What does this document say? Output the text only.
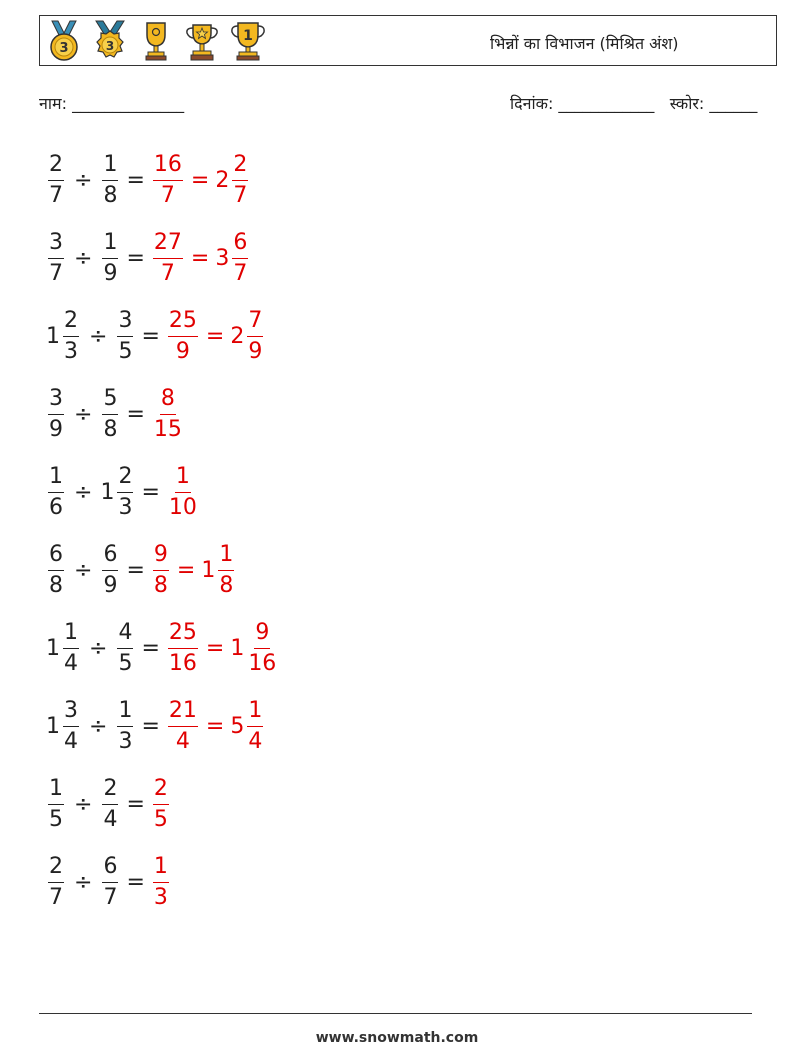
3	3
1	भिन्नों का विभाजन (मिश्रित अंश)
नाम: ______________	दिनांक: ____________ स्कोर: ______
$\frac{2}{7} \div \frac{1}{8} = \frac{16}{7} = 2 \frac{2}{7}$
$\frac{3}{7} \div \frac{1}{9} = \frac{27}{7} = 3 \frac{6}{7}$
$1 \frac{2}{3} \div \frac{3}{5} = \frac{25}{9} = 2 \frac{7}{9}$
$\frac{3}{9} \div \frac{5}{8} = \frac{8}{15}$
$\frac{1}{6} \div 1 \frac{2}{3} = \frac{1}{10}$
$\frac{6}{8} \div \frac{6}{9} = \frac{9}{8} = 1 \frac{1}{8}$
$1 \frac{1}{4} \div \frac{4}{5} = \frac{25}{16} = 1 \frac{9}{16}$
$1 \frac{3}{4} \div \frac{1}{3} = \frac{21}{4} = 5 \frac{1}{4}$
$\frac{1}{5} \div \frac{2}{4} = \frac{2}{5}$
$\frac{2}{7} \div \frac{6}{7} = \frac{1}{3}$
www.snowmath.com
